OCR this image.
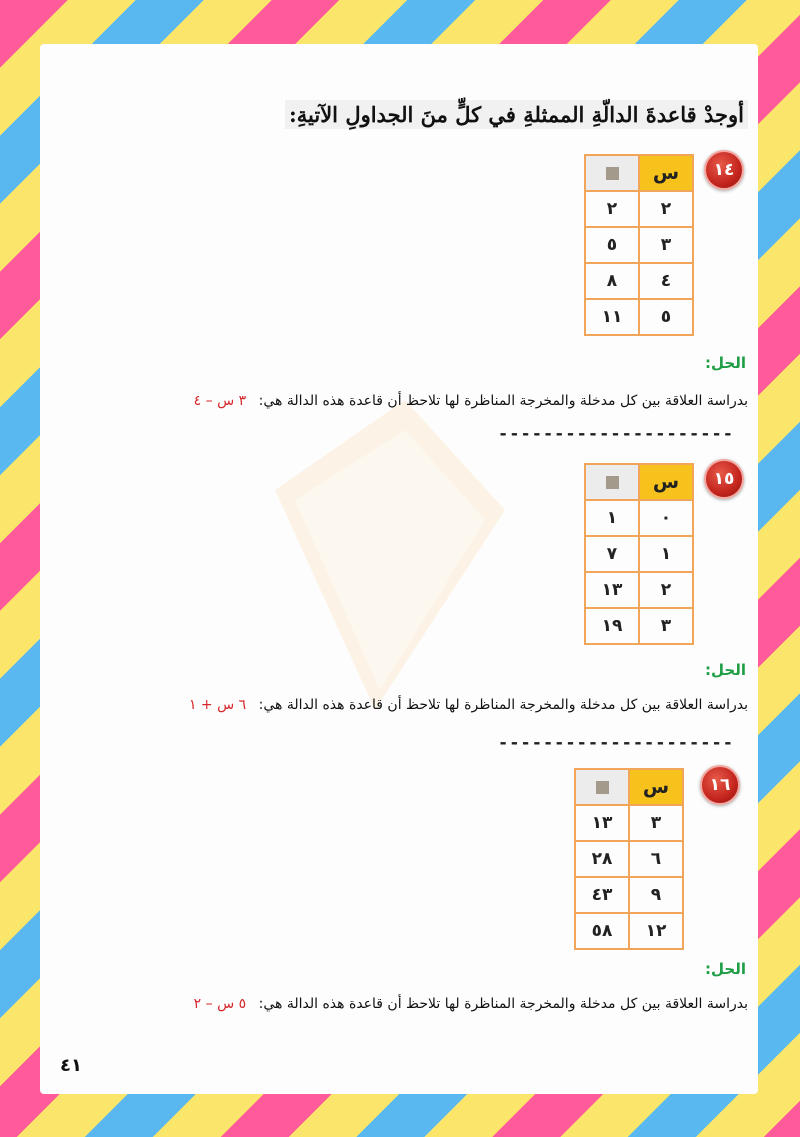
أوجدْ قاعدةَ الدالّةِ الممثلةِ في كلٍّ منَ الجداولِ الآتيةِ:
١٤
س	
٢	٢
٣	٥
٤	٨
٥	١١
الحل:
بدراسة العلاقة بين كل مدخلة والمخرجة المناظرة لها تلاحظ أن قاعدة هذه الدالة هي: ٣ س – ٤
---------------------
١٥
س	
٠	١
١	٧
٢	١٣
٣	١٩
الحل:
بدراسة العلاقة بين كل مدخلة والمخرجة المناظرة لها تلاحظ أن قاعدة هذه الدالة هي: ٦ س + ١
---------------------
١٦
س	
٣	١٣
٦	٢٨
٩	٤٣
١٢	٥٨
الحل:
بدراسة العلاقة بين كل مدخلة والمخرجة المناظرة لها تلاحظ أن قاعدة هذه الدالة هي: ٥ س – ٢
٤١
